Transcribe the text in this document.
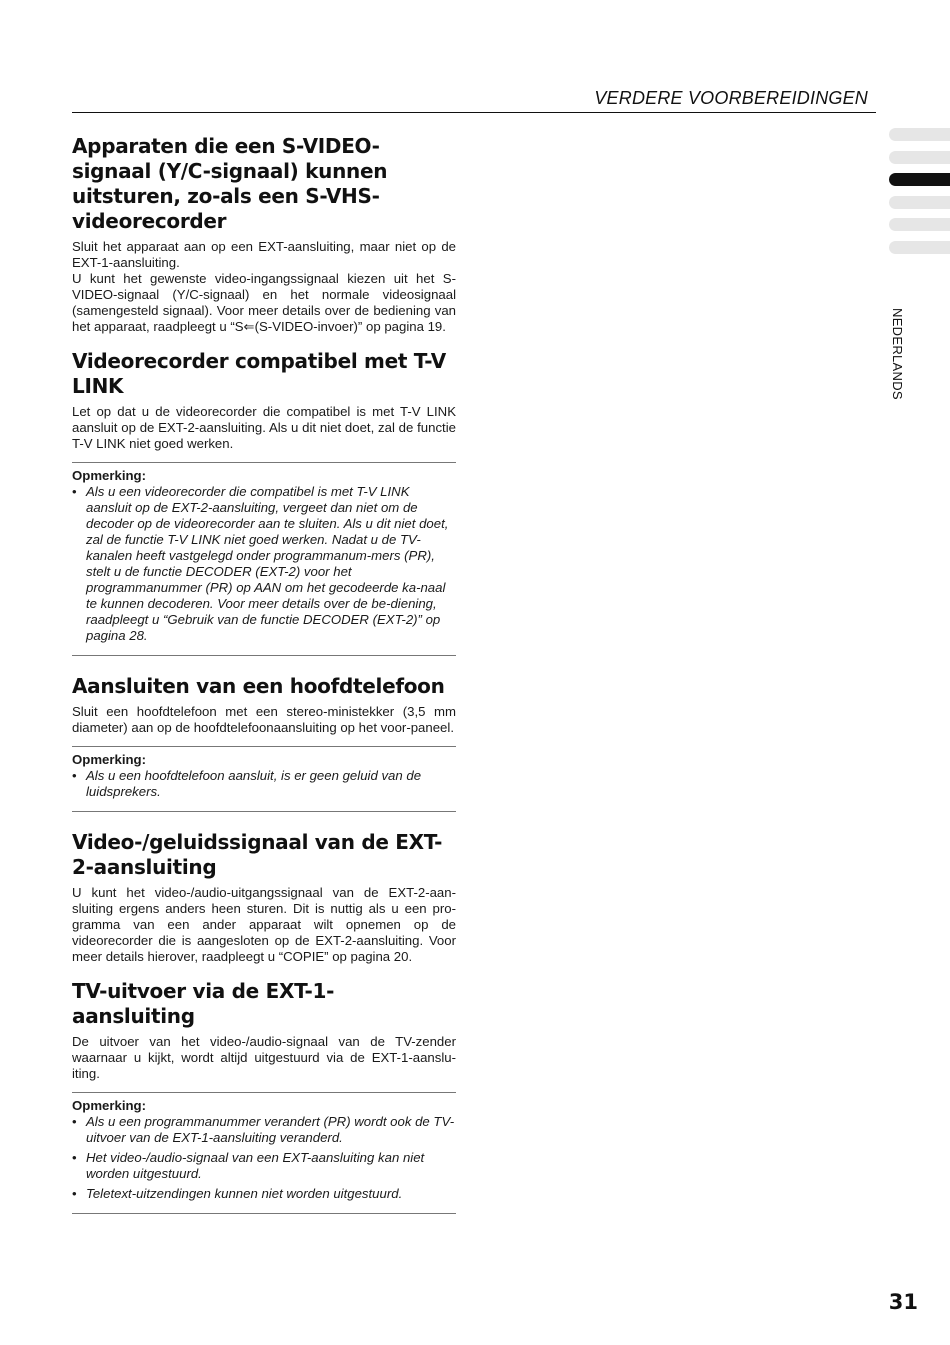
VERDERE VOORBEREIDINGEN
NEDERLANDS
Apparaten die een S-VIDEO-signaal (Y/C-signaal) kunnen uitsturen, zo-als een S-VHS-videorecorder

Sluit het apparaat aan op een EXT-aansluiting, maar niet op de EXT-1-aansluiting.

U kunt het gewenste video-ingangssignaal kiezen uit het S-VIDEO-signaal (Y/C-signaal) en het normale videosignaal (samengesteld signaal). Voor meer details over de bediening van het apparaat, raadpleegt u “S⇐(S-VIDEO-invoer)” op pagina 19.

Videorecorder compatibel met T-V LINK

Let op dat u de videorecorder die compatibel is met T-V LINK aansluit op de EXT-2-aansluiting. Als u dit niet doet, zal de functie T-V LINK niet goed werken.

Opmerking:
• Als u een videorecorder die compatibel is met T-V LINK aansluit op de EXT-2-aansluiting, vergeet dan niet om de decoder op de videorecorder aan te sluiten. Als u dit niet doet, zal de functie T-V LINK niet goed werken. Nadat u de TV-kanalen heeft vastgelegd onder programmanum-mers (PR), stelt u de functie DECODER (EXT-2) voor het programmanummer (PR) op AAN om het gecodeerde ka-naal te kunnen decoderen. Voor meer details over de be-diening, raadpleegt u “Gebruik van de functie DECODER (EXT-2)” op pagina 28.
Aansluiten van een hoofdtelefoon

Sluit een hoofdtelefoon met een stereo-ministekker (3,5 mm diameter) aan op de hoofdtelefoonaansluiting op het voor-paneel.

Opmerking:
• Als u een hoofdtelefoon aansluit, is er geen geluid van de luidsprekers.
Video-/geluidssignaal van de EXT-2-aansluiting

U kunt het video-/audio-uitgangssignaal van de EXT-2-aan-sluiting ergens anders heen sturen. Dit is nuttig als u een pro-gramma van een ander apparaat wilt opnemen op de videorecorder die is aangesloten op de EXT-2-aansluiting. Voor meer details hierover, raadpleegt u “COPIE” op pagina 20.

TV-uitvoer via de EXT-1-aansluiting

De uitvoer van het video-/audio-signaal van de TV-zender waarnaar u kijkt, wordt altijd uitgestuurd via de EXT-1-aanslu-iting.

Opmerking:
• Als u een programmanummer verandert (PR) wordt ook de TV-uitvoer van de EXT-1-aansluiting veranderd.
• Het video-/audio-signaal van een EXT-aansluiting kan niet worden uitgestuurd.
• Teletext-uitzendingen kunnen niet worden uitgestuurd.
31
